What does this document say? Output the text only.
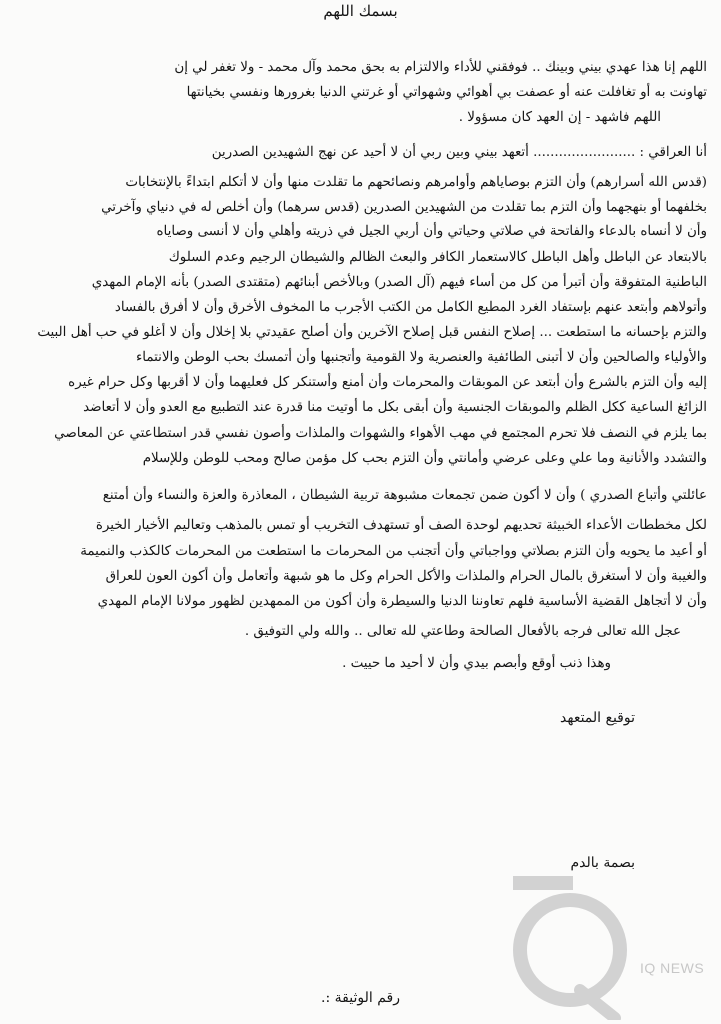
بسمك اللهم
اللهم إنا هذا عهدي بيني وبينك .. فوفقني للأداء والالتزام به بحق محمد وآل محمد - ولا تغفر لي إن
تهاونت به أو تغافلت عنه أو عصفت بي أهوائي وشهواتي أو غرتني الدنيا بغرورها ونفسي بخيانتها
اللهم فاشهد - إن العهد كان مسؤولا .
أنا العراقي : ........................ أتعهد بيني وبين ربي أن لا أحيد عن نهج الشهيدين الصدرين
(قدس الله أسرارهم) وأن التزم بوصاياهم وأوامرهم ونصائحهم ما تقلدت منها وأن لا أتكلم ابتداءً بالإنتخابات
بخلفهما أو بنهجهما وأن التزم بما تقلدت من الشهيدين الصدرين (قدس سرهما) وأن أخلص له في دنياي وآخرتي
وأن لا أنساه بالدعاء والفاتحة في صلاتي وحياتي وأن أربي الجيل في ذريته وأهلي وأن لا أنسى وصاياه
بالابتعاد عن الباطل وأهل الباطل كالاستعمار الكافر والبعث الظالم والشيطان الرجيم وعدم السلوك
الباطنية المتفوقة وأن أتبرأ من كل من أساء فيهم (آل الصدر) وبالأخص أبنائهم (متقتدى الصدر) بأنه الإمام المهدي
وأتولاهم وأبتعد عنهم بإستفاد الغرد المطيع الكامل من الكتب الأجرب ما المخوف الأخرق وأن لا أفرق بالفساد
والتزم بإحسانه ما استطعت ... إصلاح النفس قبل إصلاح الآخرين وأن أصلح عقيدتي بلا إخلال وأن لا أغلو في حب أهل البيت
والأولياء والصالحين وأن لا أتبنى الطائفية والعنصرية ولا القومية وأتجنبها وأن أتمسك بحب الوطن والانتماء
إليه وأن التزم بالشرع وأن أبتعد عن الموبقات والمحرمات وأن أمنع وأستنكر كل فعليهما وأن لا أقربها وكل حرام غيره
الزائغ الساعية ككل الظلم والموبقات الجنسية وأن أبقى بكل ما أوتيت منا قدرة عند التطبيع مع العدو وأن لا أتعاضد
بما يلزم في النصف فلا تحرم المجتمع في مهب الأهواء والشهوات والملذات وأصون نفسي قدر استطاعتي عن المعاصي
والتشدد والأنانية وما علي وعلى عرضي وأمانتي وأن التزم بحب كل مؤمن صالح ومحب للوطن وللإسلام
عائلتي وأتباع الصدري ) وأن لا أكون ضمن تجمعات مشبوهة تربية الشيطان ، المعاذرة والعزة والنساء وأن أمتنع
لكل مخططات الأعداء الخبيثة تحديهم لوحدة الصف أو تستهدف التخريب أو تمس بالمذهب وتعاليم الأخيار الخيرة
أو أعيد ما يحويه وأن التزم بصلاتي وواجباتي وأن أتجنب من المحرمات ما استطعت من المحرمات كالكذب والنميمة
والغيبة وأن لا أستغرق بالمال الحرام والملذات والأكل الحرام وكل ما هو شبهة وأتعامل وأن أكون العون للعراق
وأن لا أتجاهل القضية الأساسية فلهم تعاوننا الدنيا والسيطرة وأن أكون من الممهدين لظهور مولانا الإمام المهدي
عجل الله تعالى فرجه بالأفعال الصالحة وطاعتي لله تعالى .. والله ولي التوفيق .
وهذا ذنب أوقع وأبصم بيدي وأن لا أحيد ما حييت .
توقيع المتعهد
بصمة بالدم
رقم الوثيقة :.
IQ NEWS
